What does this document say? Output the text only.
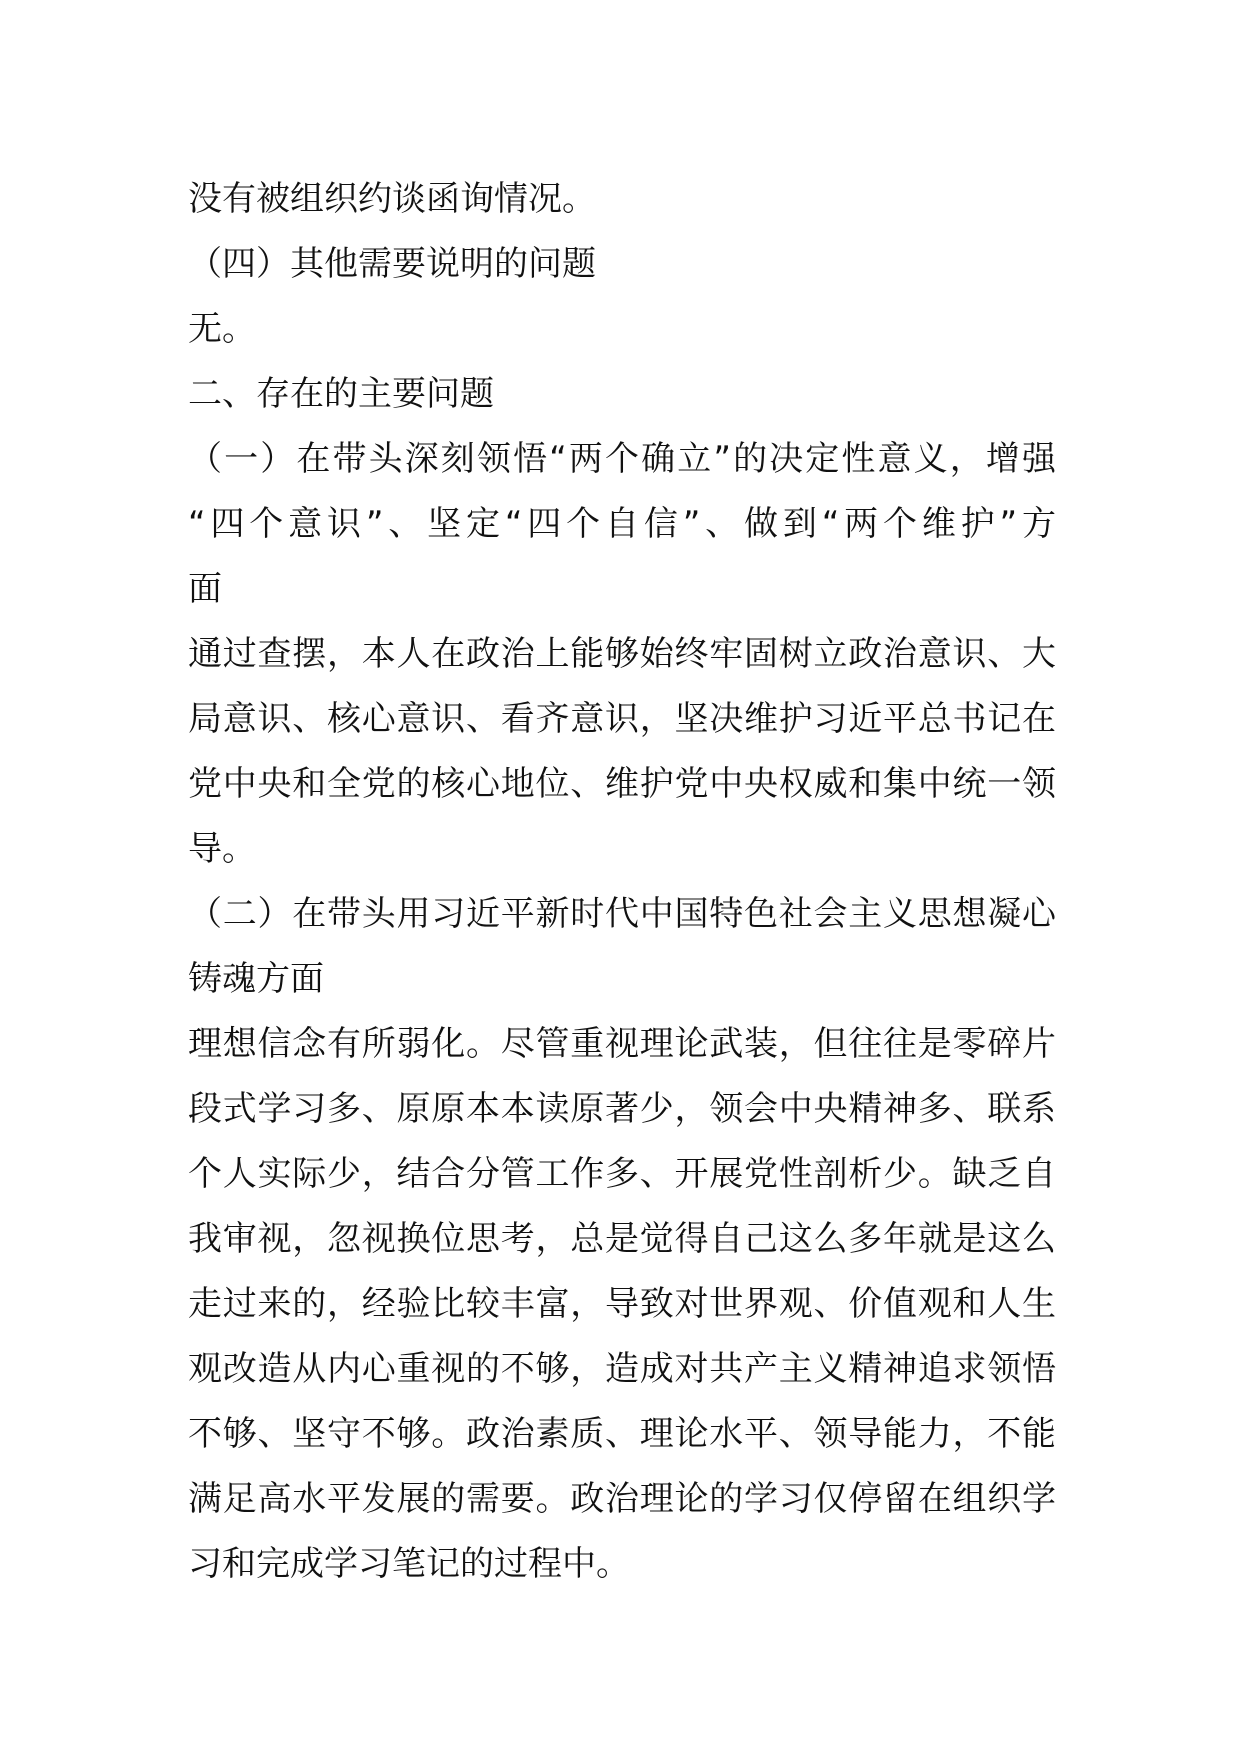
没有被组织约谈函询情况。

（四）其他需要说明的问题

无。

二、存在的主要问题

（一）在带头深刻领悟“两个确立”的决定性意义，增强

“四个意识”、坚定“四个自信”、做到“两个维护”方

面

通过查摆，本人在政治上能够始终牢固树立政治意识、大

局意识、核心意识、看齐意识，坚决维护习近平总书记在

党中央和全党的核心地位、维护党中央权威和集中统一领

导。

（二）在带头用习近平新时代中国特色社会主义思想凝心

铸魂方面

理想信念有所弱化。尽管重视理论武装，但往往是零碎片

段式学习多、原原本本读原著少，领会中央精神多、联系

个人实际少，结合分管工作多、开展党性剖析少。缺乏自

我审视，忽视换位思考，总是觉得自己这么多年就是这么

走过来的，经验比较丰富，导致对世界观、价值观和人生

观改造从内心重视的不够，造成对共产主义精神追求领悟

不够、坚守不够。政治素质、理论水平、领导能力，不能

满足高水平发展的需要。政治理论的学习仅停留在组织学

习和完成学习笔记的过程中。
